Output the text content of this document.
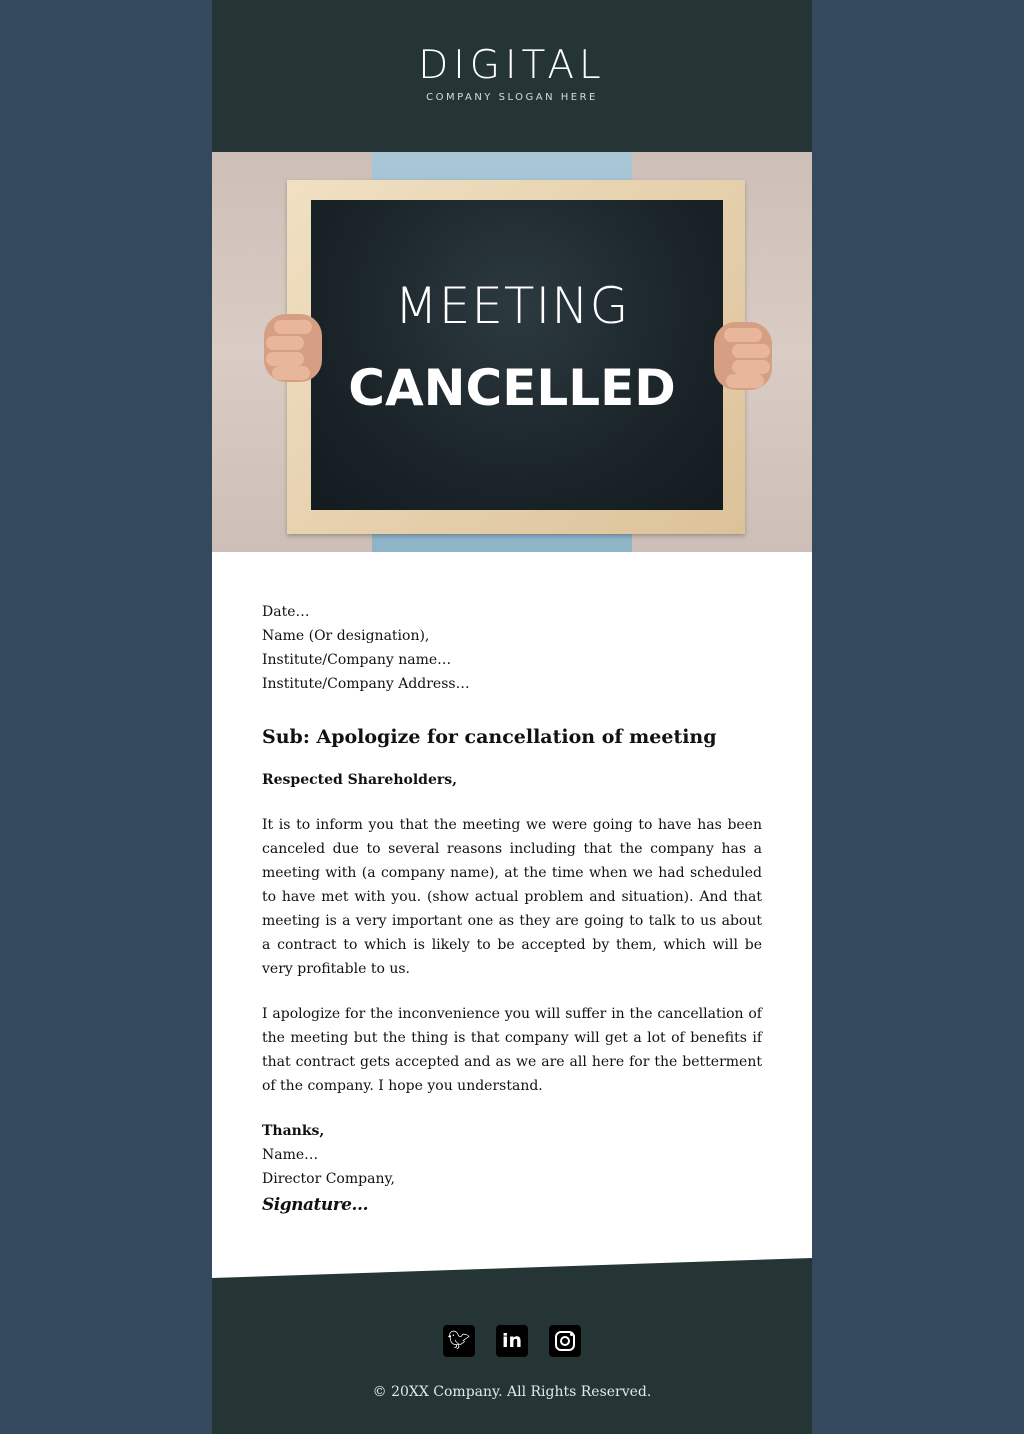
DIGITAL
COMPANY SLOGAN HERE
MEETING
CANCELLED
Date…
Name (Or designation),
Institute/Company name…
Institute/Company Address…
Sub: Apologize for cancellation of meeting
Respected Shareholders,
It is to inform you that the meeting we were going to have has been canceled due to several reasons including that the company has a meeting with (a company name), at the time when we had scheduled to have met with you. (show actual problem and situation). And that meeting is a very important one as they are going to talk to us about a contract to which is likely to be accepted by them, which will be very profitable to us.
I apologize for the inconvenience you will suffer in the cancellation of the meeting but the thing is that company will get a lot of benefits if that contract gets accepted and as we are all here for the betterment of the company. I hope you understand.
Thanks,
Name…
Director Company,
Signature…
🐦︎	in
© 20XX Company. All Rights Reserved.
